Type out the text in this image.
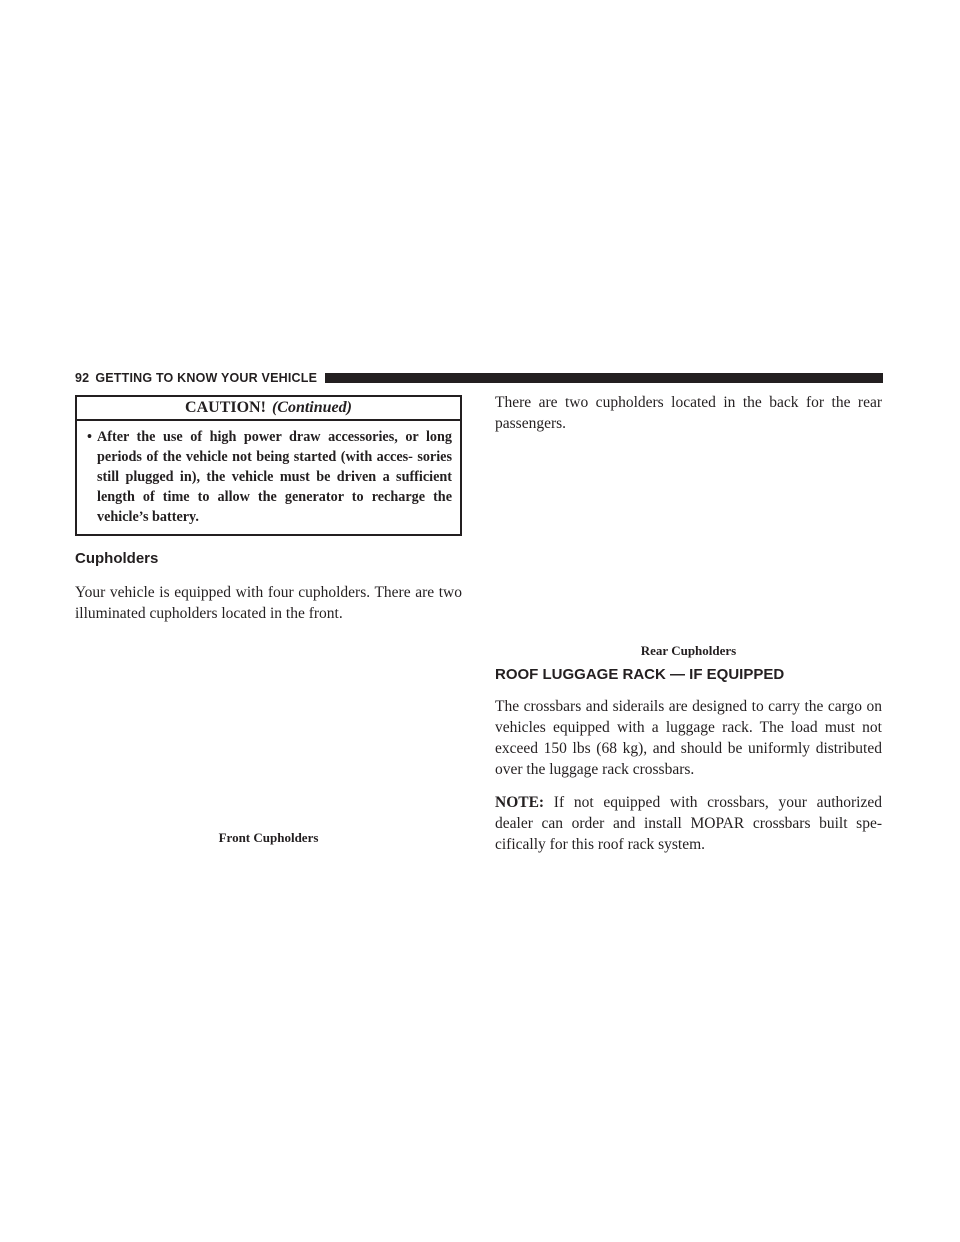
92 GETTING TO KNOW YOUR VEHICLE
CAUTION! (Continued)
• After the use of high power draw accessories, or long periods of the vehicle not being started (with acces- sories still plugged in), the vehicle must be driven a sufficient length of time to allow the generator to recharge the vehicle’s battery.
Cupholders

Your vehicle is equipped with four cupholders. There are two illuminated cupholders located in the front.

Front Cupholders

There are two cupholders located in the back for the rear passengers.

Rear Cupholders
ROOF LUGGAGE RACK — IF EQUIPPED

The crossbars and siderails are designed to carry the cargo on vehicles equipped with a luggage rack. The load must not exceed 150 lbs (68 kg), and should be uniformly distributed over the luggage rack crossbars.

NOTE: If not equipped with crossbars, your authorized dealer can order and install MOPAR crossbars built spe- cifically for this roof rack system.
